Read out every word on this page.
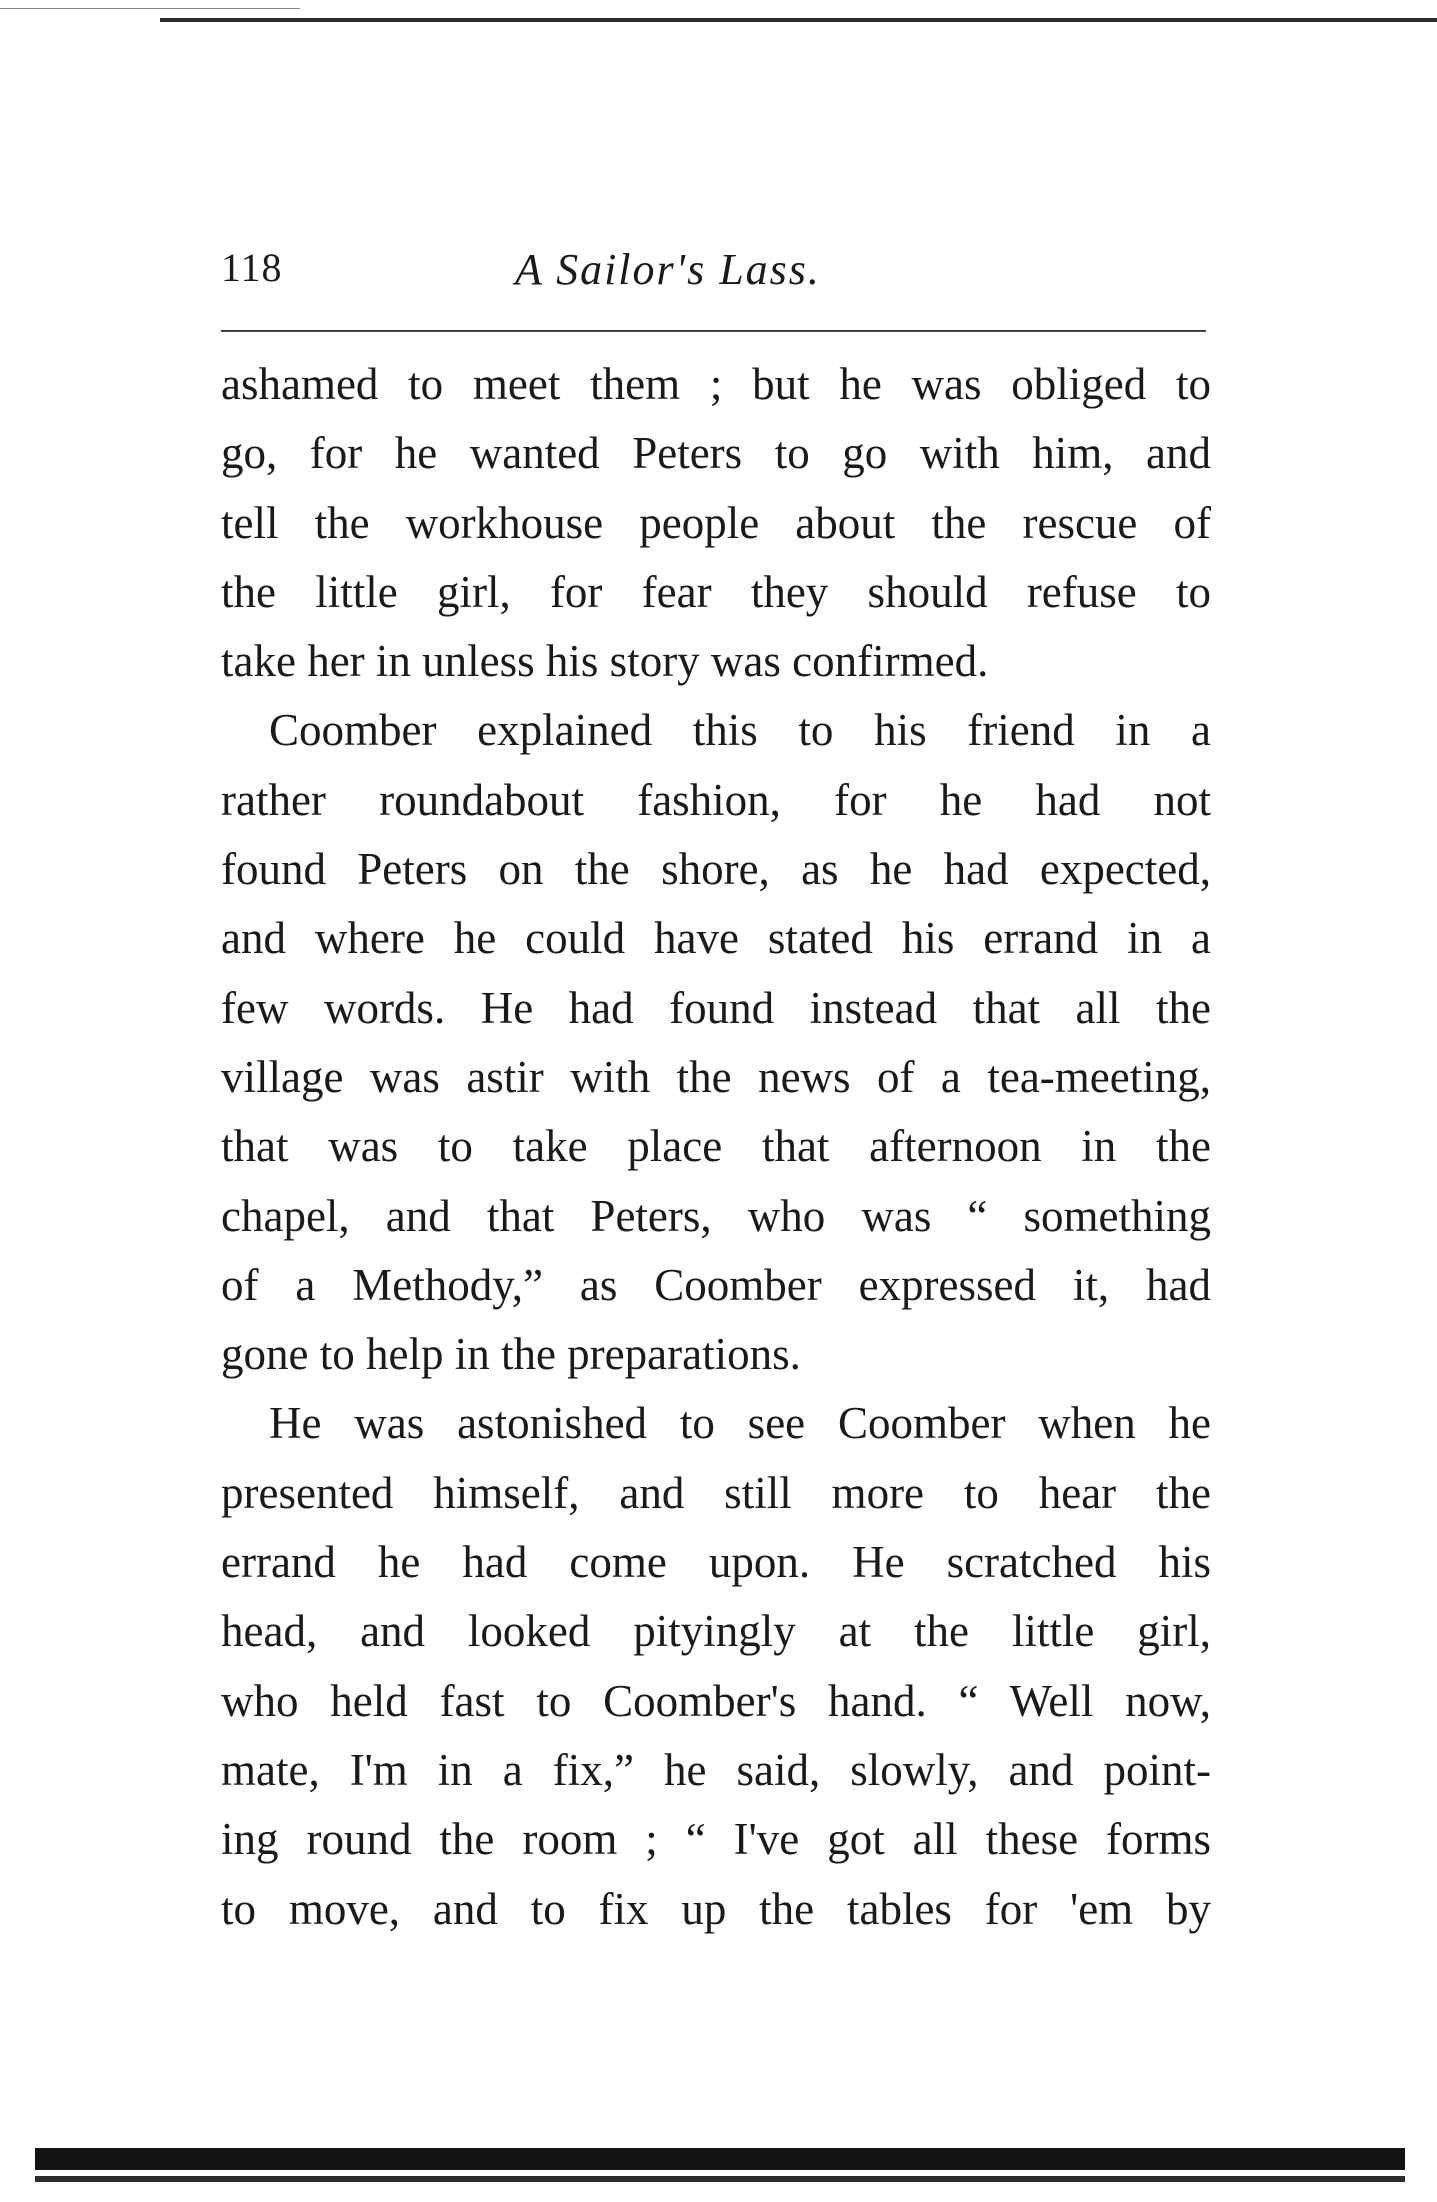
118	A Sailor's Lass.
ashamed to meet them ; but he was obliged to
go, for he wanted Peters to go with him, and
tell the workhouse people about the rescue of
the little girl, for fear they should refuse to
take her in unless his story was confirmed.
Coomber explained this to his friend in a
rather roundabout fashion, for he had not
found Peters on the shore, as he had expected,
and where he could have stated his errand in a
few words. He had found instead that all the
village was astir with the news of a tea-meeting,
that was to take place that afternoon in the
chapel, and that Peters, who was “ something
of a Methody,” as Coomber expressed it, had
gone to help in the preparations.
He was astonished to see Coomber when he
presented himself, and still more to hear the
errand he had come upon. He scratched his
head, and looked pityingly at the little girl,
who held fast to Coomber's hand. “ Well now,
mate, I'm in a fix,” he said, slowly, and point-
ing round the room ; “ I've got all these forms
to move, and to fix up the tables for 'em by
